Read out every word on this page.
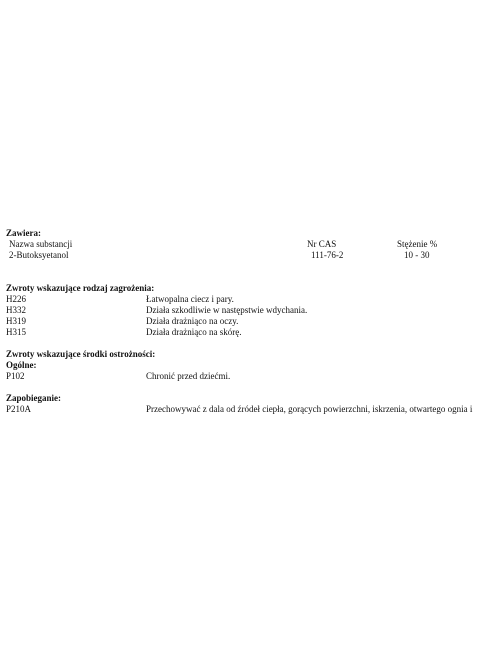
Zawiera:
Nazwa substancji	Nr CAS	Stężenie %
2-Butoksyetanol	111-76-2	10 - 30
Zwroty wskazujące rodzaj zagrożenia:
H226	Łatwopalna ciecz i pary.
H332	Działa szkodliwie w następstwie wdychania.
H319	Działa drażniąco na oczy.
H315	Działa drażniąco na skórę.
Zwroty wskazujące środki ostrożności:
Ogólne:
P102	Chronić przed dziećmi.
Zapobieganie:
P210A	Przechowywać z dala od źródeł ciepła, gorących powierzchni, iskrzenia, otwartego ognia i
